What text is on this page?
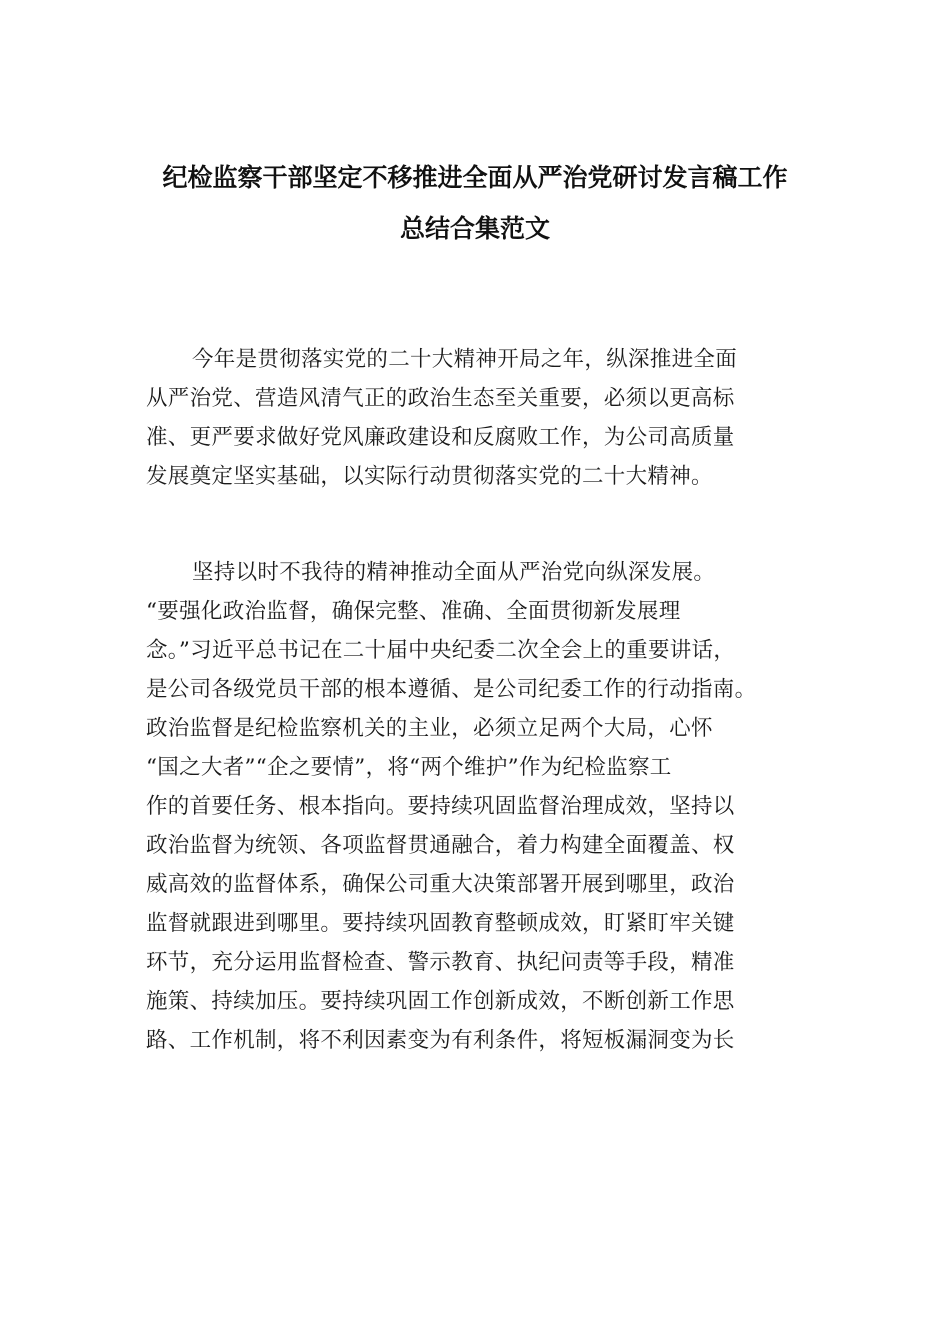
纪检监察干部坚定不移推进全面从严治党研讨发言稿工作
总结合集范文
今年是贯彻落实党的二十大精神开局之年，纵深推进全面
从严治党、营造风清气正的政治生态至关重要，必须以更高标
准、更严要求做好党风廉政建设和反腐败工作，为公司高质量
发展奠定坚实基础，以实际行动贯彻落实党的二十大精神。
坚持以时不我待的精神推动全面从严治党向纵深发展。
“要强化政治监督，确保完整、准确、全面贯彻新发展理
念。”习近平总书记在二十届中央纪委二次全会上的重要讲话，
是公司各级党员干部的根本遵循、是公司纪委工作的行动指南。
政治监督是纪检监察机关的主业，必须立足两个大局，心怀
“国之大者”“企之要情”，将“两个维护”作为纪检监察工
作的首要任务、根本指向。要持续巩固监督治理成效，坚持以
政治监督为统领、各项监督贯通融合，着力构建全面覆盖、权
威高效的监督体系，确保公司重大决策部署开展到哪里，政治
监督就跟进到哪里。要持续巩固教育整顿成效，盯紧盯牢关键
环节，充分运用监督检查、警示教育、执纪问责等手段，精准
施策、持续加压。要持续巩固工作创新成效，不断创新工作思
路、工作机制，将不利因素变为有利条件，将短板漏洞变为长
